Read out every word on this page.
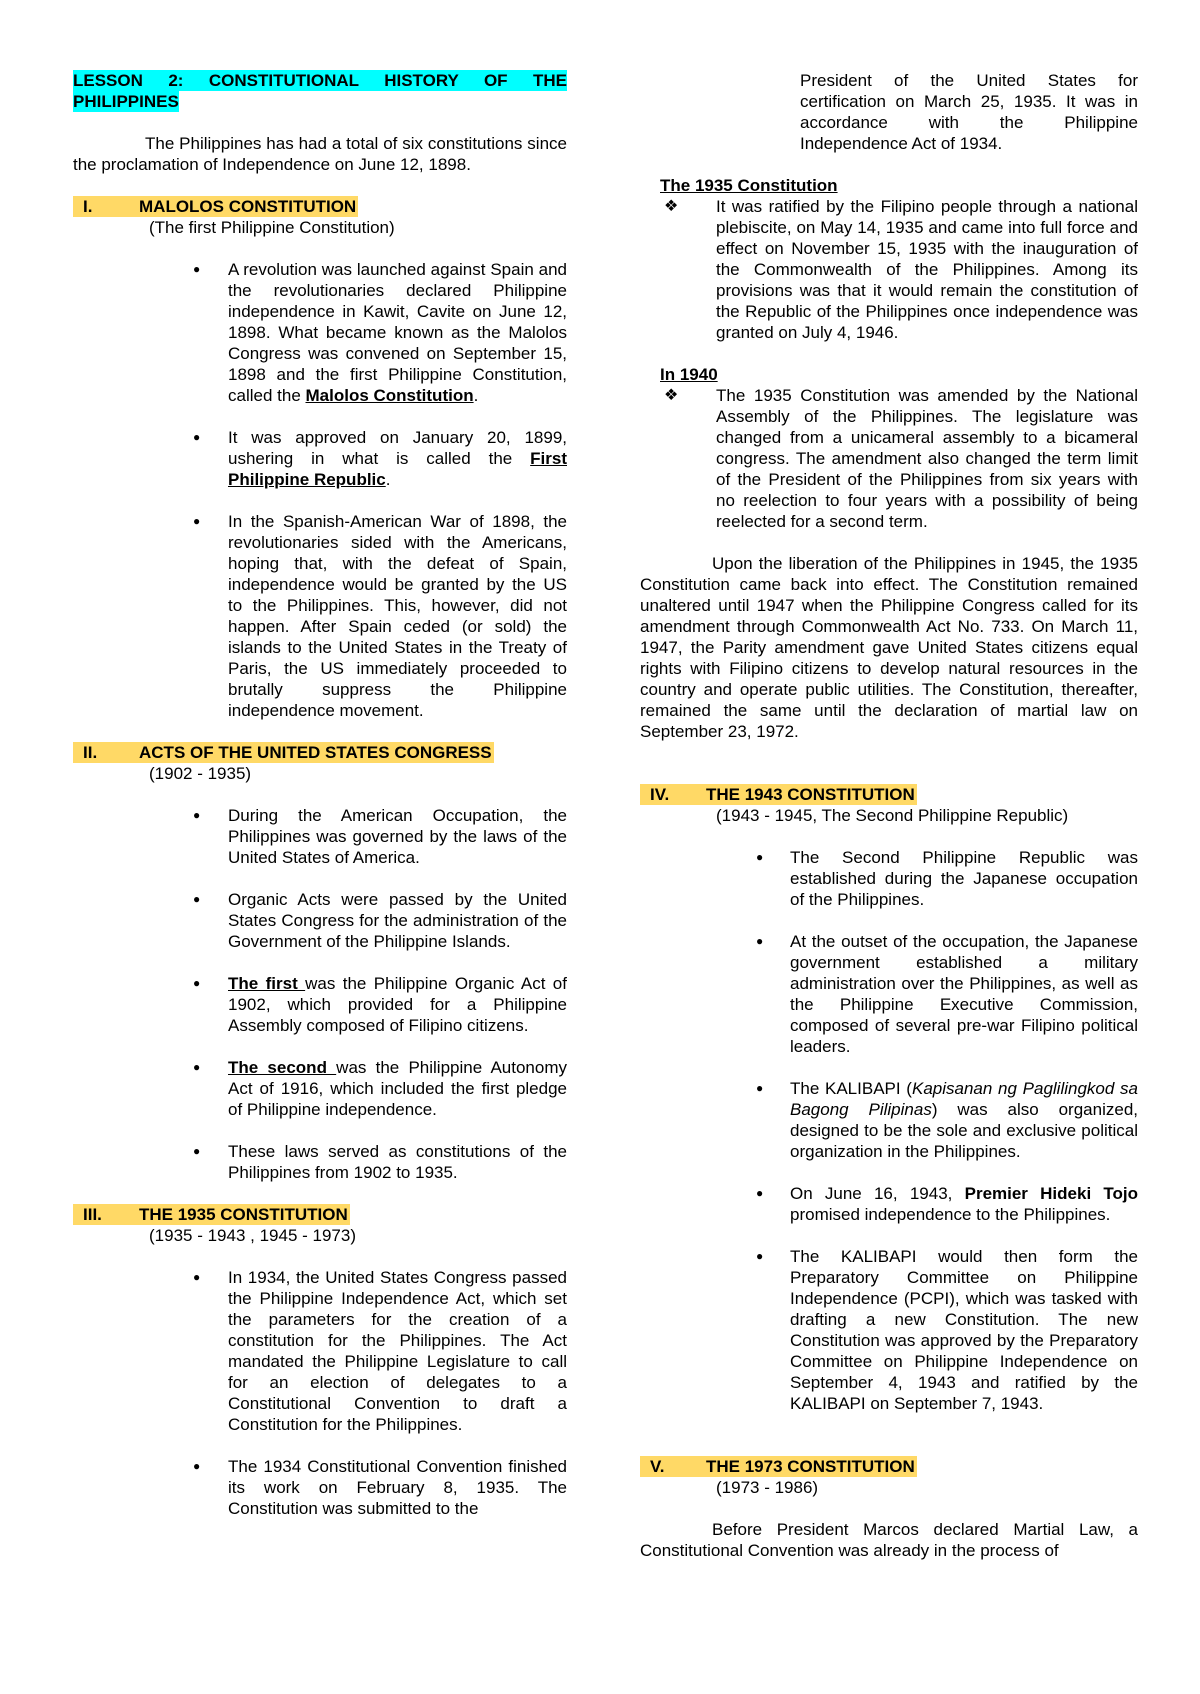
LESSON 2: CONSTITUTIONAL HISTORY OF THE
PHILIPPINES

The Philippines has had a total of six constitutions since the proclamation of Independence on June 12, 1898.

I.	MALOLOS CONSTITUTION

(The first Philippine Constitution)

● A revolution was launched against Spain and the revolutionaries declared Philippine independence in Kawit, Cavite on June 12, 1898. What became known as the Malolos Congress was convened on September 15, 1898 and the first Philippine Constitution, called the Malolos Constitution.
● It was approved on January 20, 1899, ushering in what is called the First Philippine Republic.
● In the Spanish-American War of 1898, the revolutionaries sided with the Americans, hoping that, with the defeat of Spain, independence would be granted by the US to the Philippines. This, however, did not happen. After Spain ceded (or sold) the islands to the United States in the Treaty of Paris, the US immediately proceeded to brutally suppress the Philippine independence movement.
II. ACTS OF THE UNITED STATES CONGRESS

(1902 - 1935)

● During the American Occupation, the Philippines was governed by the laws of the United States of America.
● Organic Acts were passed by the United States Congress for the administration of the Government of the Philippine Islands.
● The first was the Philippine Organic Act of 1902, which provided for a Philippine Assembly composed of Filipino citizens.
● The second was the Philippine Autonomy Act of 1916, which included the first pledge of Philippine independence.
● These laws served as constitutions of the Philippines from 1902 to 1935.
III. THE 1935 CONSTITUTION

(1935 - 1943 , 1945 - 1973)

● In 1934, the United States Congress passed the Philippine Independence Act, which set the parameters for the creation of a constitution for the Philippines. The Act mandated the Philippine Legislature to call for an election of delegates to a Constitutional Convention to draft a Constitution for the Philippines.
● The 1934 Constitutional Convention finished its work on February 8, 1935. The Constitution was submitted to the

President of the United States for certification on March 25, 1935. It was in accordance with the Philippine Independence Act of 1934.

The 1935 Constitution

❖ It was ratified by the Filipino people through a national plebiscite, on May 14, 1935 and came into full force and effect on November 15, 1935 with the inauguration of the Commonwealth of the Philippines. Among its provisions was that it would remain the constitution of the Republic of the Philippines once independence was granted on July 4, 1946.

In 1940

❖ The 1935 Constitution was amended by the National Assembly of the Philippines. The legislature was changed from a unicameral assembly to a bicameral congress. The amendment also changed the term limit of the President of the Philippines from six years with no reelection to four years with a possibility of being reelected for a second term.

Upon the liberation of the Philippines in 1945, the 1935 Constitution came back into effect. The Constitution remained unaltered until 1947 when the Philippine Congress called for its amendment through Commonwealth Act No. 733. On March 11, 1947, the Parity amendment gave United States citizens equal rights with Filipino citizens to develop natural resources in the country and operate public utilities. The Constitution, thereafter, remained the same until the declaration of martial law on September 23, 1972.

IV. THE 1943 CONSTITUTION

(1943 - 1945, The Second Philippine Republic)

● The Second Philippine Republic was established during the Japanese occupation of the Philippines.
● At the outset of the occupation, the Japanese government established a military administration over the Philippines, as well as the Philippine Executive Commission, composed of several pre-war Filipino political leaders.
● The KALIBAPI (Kapisanan ng Paglilingkod sa Bagong Pilipinas) was also organized, designed to be the sole and exclusive political organization in the Philippines.
● On June 16, 1943, Premier Hideki Tojo promised independence to the Philippines.
● The KALIBAPI would then form the Preparatory Committee on Philippine Independence (PCPI), which was tasked with drafting a new Constitution. The new Constitution was approved by the Preparatory Committee on Philippine Independence on September 4, 1943 and ratified by the KALIBAPI on September 7, 1943.
V. THE 1973 CONSTITUTION

(1973 - 1986)

Before President Marcos declared Martial Law, a Constitutional Convention was already in the process of
